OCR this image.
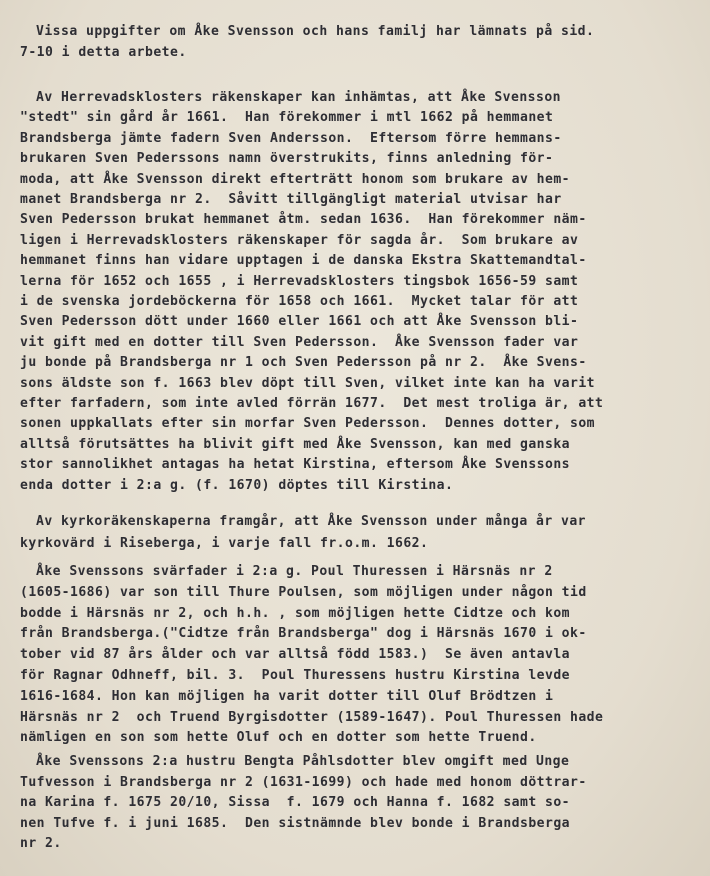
Vissa uppgifter om Åke Svensson och hans familj har lämnats på sid.
7-10 i detta arbete.
Av Herrevadsklosters räkenskaper kan inhämtas, att Åke Svensson
"stedt" sin gård år 1661.  Han förekommer i mtl 1662 på hemmanet
Brandsberga jämte fadern Sven Andersson.  Eftersom förre hemmans-
brukaren Sven Pederssons namn överstrukits, finns anledning för-
moda, att Åke Svensson direkt efterträtt honom som brukare av hem-
manet Brandsberga nr 2.  Såvitt tillgängligt material utvisar har
Sven Pedersson brukat hemmanet åtm. sedan 1636.  Han förekommer näm-
ligen i Herrevadsklosters räkenskaper för sagda år.  Som brukare av
hemmanet finns han vidare upptagen i de danska Ekstra Skattemandtal-
lerna för 1652 och 1655 , i Herrevadsklosters tingsbok 1656-59 samt
i de svenska jordeböckerna för 1658 och 1661.  Mycket talar för att
Sven Pedersson dött under 1660 eller 1661 och att Åke Svensson bli-
vit gift med en dotter till Sven Pedersson.  Åke Svensson fader var
ju bonde på Brandsberga nr 1 och Sven Pedersson på nr 2.  Åke Svens-
sons äldste son f. 1663 blev döpt till Sven, vilket inte kan ha varit
efter farfadern, som inte avled förrän 1677.  Det mest troliga är, att
sonen uppkallats efter sin morfar Sven Pedersson.  Dennes dotter, som
alltså förutsättes ha blivit gift med Åke Svensson, kan med ganska
stor sannolikhet antagas ha hetat Kirstina, eftersom Åke Svenssons
enda dotter i 2:a g. (f. 1670) döptes till Kirstina.
Av kyrkoräkenskaperna framgår, att Åke Svensson under många år var
kyrkovärd i Riseberga, i varje fall fr.o.m. 1662.
Åke Svenssons svärfader i 2:a g. Poul Thuressen i Härsnäs nr 2
(1605-1686) var son till Thure Poulsen, som möjligen under någon tid
bodde i Härsnäs nr 2, och h.h. , som möjligen hette Cidtze och kom
från Brandsberga.("Cidtze från Brandsberga" dog i Härsnäs 1670 i ok-
tober vid 87 års ålder och var alltså född 1583.)  Se även antavla
för Ragnar Odhneff, bil. 3.  Poul Thuressens hustru Kirstina levde
1616-1684. Hon kan möjligen ha varit dotter till Oluf Brödtzen i
Härsnäs nr 2  och Truend Byrgisdotter (1589-1647). Poul Thuressen hade
nämligen en son som hette Oluf och en dotter som hette Truend.
Åke Svenssons 2:a hustru Bengta Påhlsdotter blev omgift med Unge
Tufvesson i Brandsberga nr 2 (1631-1699) och hade med honom döttrar-
na Karina f. 1675 20/10, Sissa  f. 1679 och Hanna f. 1682 samt so-
nen Tufve f. i juni 1685.  Den sistnämnde blev bonde i Brandsberga
nr 2.
